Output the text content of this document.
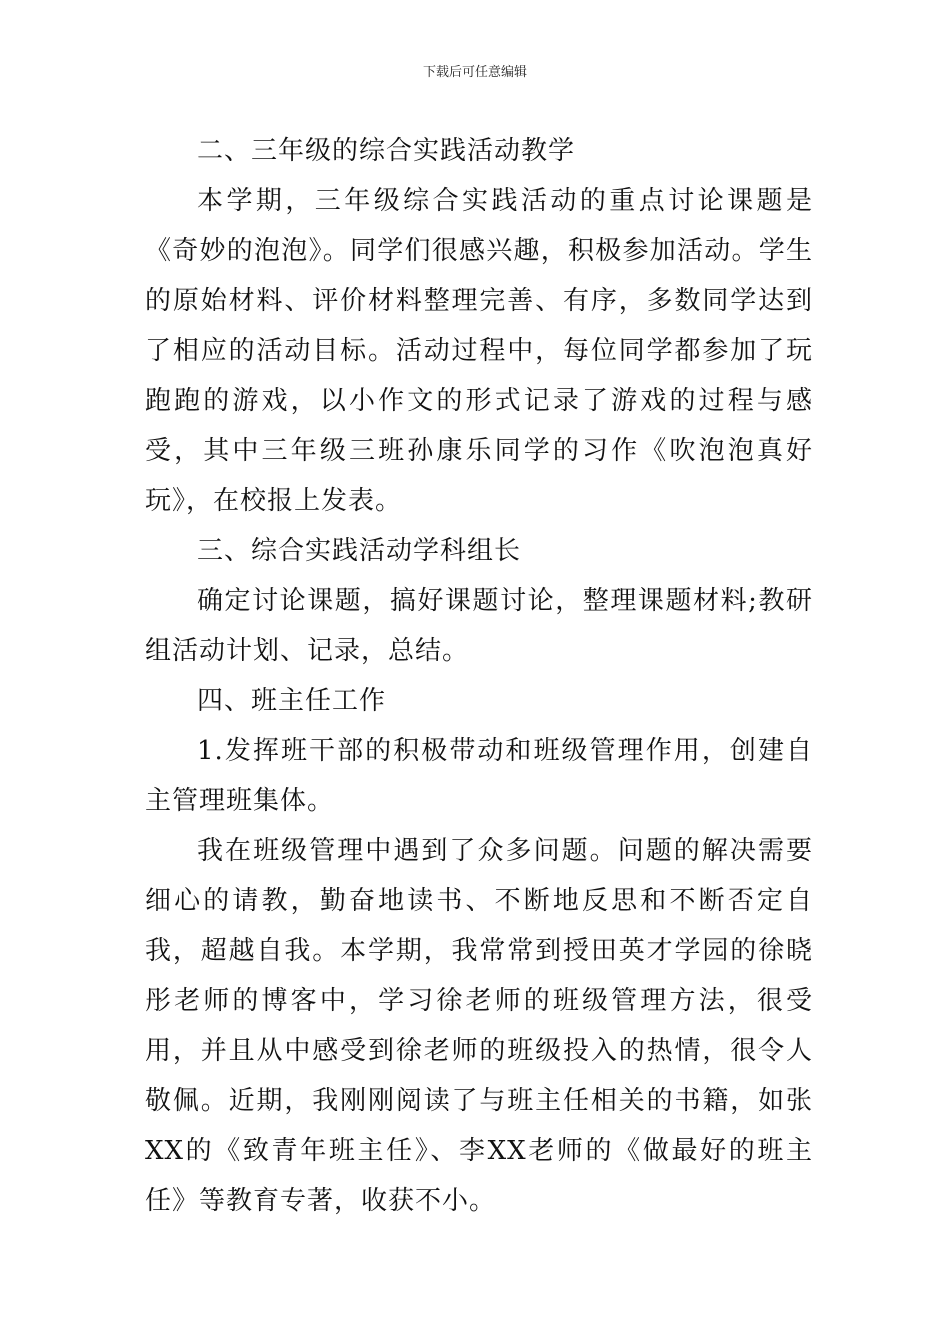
下载后可任意编辑

二、三年级的综合实践活动教学

本学期，三年级综合实践活动的重点讨论课题是《奇妙的泡泡》。同学们很感兴趣，积极参加活动。学生的原始材料、评价材料整理完善、有序，多数同学达到了相应的活动目标。活动过程中，每位同学都参加了玩跑跑的游戏，以小作文的形式记录了游戏的过程与感受，其中三年级三班孙康乐同学的习作《吹泡泡真好玩》，在校报上发表。

三、综合实践活动学科组长

确定讨论课题，搞好课题讨论，整理课题材料;教研组活动计划、记录，总结。

四、班主任工作

1.发挥班干部的积极带动和班级管理作用，创建自主管理班集体。

我在班级管理中遇到了众多问题。问题的解决需要细心的请教，勤奋地读书、不断地反思和不断否定自我，超越自我。本学期，我常常到授田英才学园的徐晓彤老师的博客中，学习徐老师的班级管理方法，很受用，并且从中感受到徐老师的班级投入的热情，很令人敬佩。近期，我刚刚阅读了与班主任相关的书籍，如张XX的《致青年班主任》、李XX老师的《做最好的班主任》等教育专著，收获不小。
